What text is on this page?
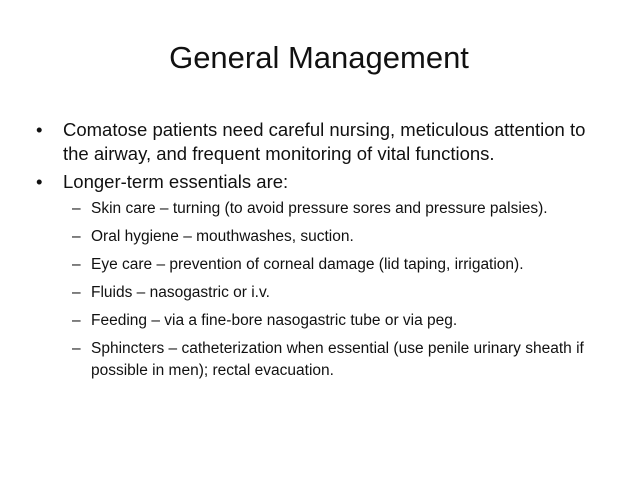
General Management
•	Comatose patients need careful nursing, meticulous attention to the airway, and frequent monitoring of vital functions.
•	Longer-term essentials are:
– Skin care – turning (to avoid pressure sores and pressure palsies).
– Oral hygiene – mouthwashes, suction.
– Eye care – prevention of corneal damage (lid taping, irrigation).
– Fluids – nasogastric or i.v.
– Feeding – via a fine-bore nasogastric tube or via peg.
– Sphincters – catheterization when essential (use penile urinary sheath if possible in men); rectal evacuation.
